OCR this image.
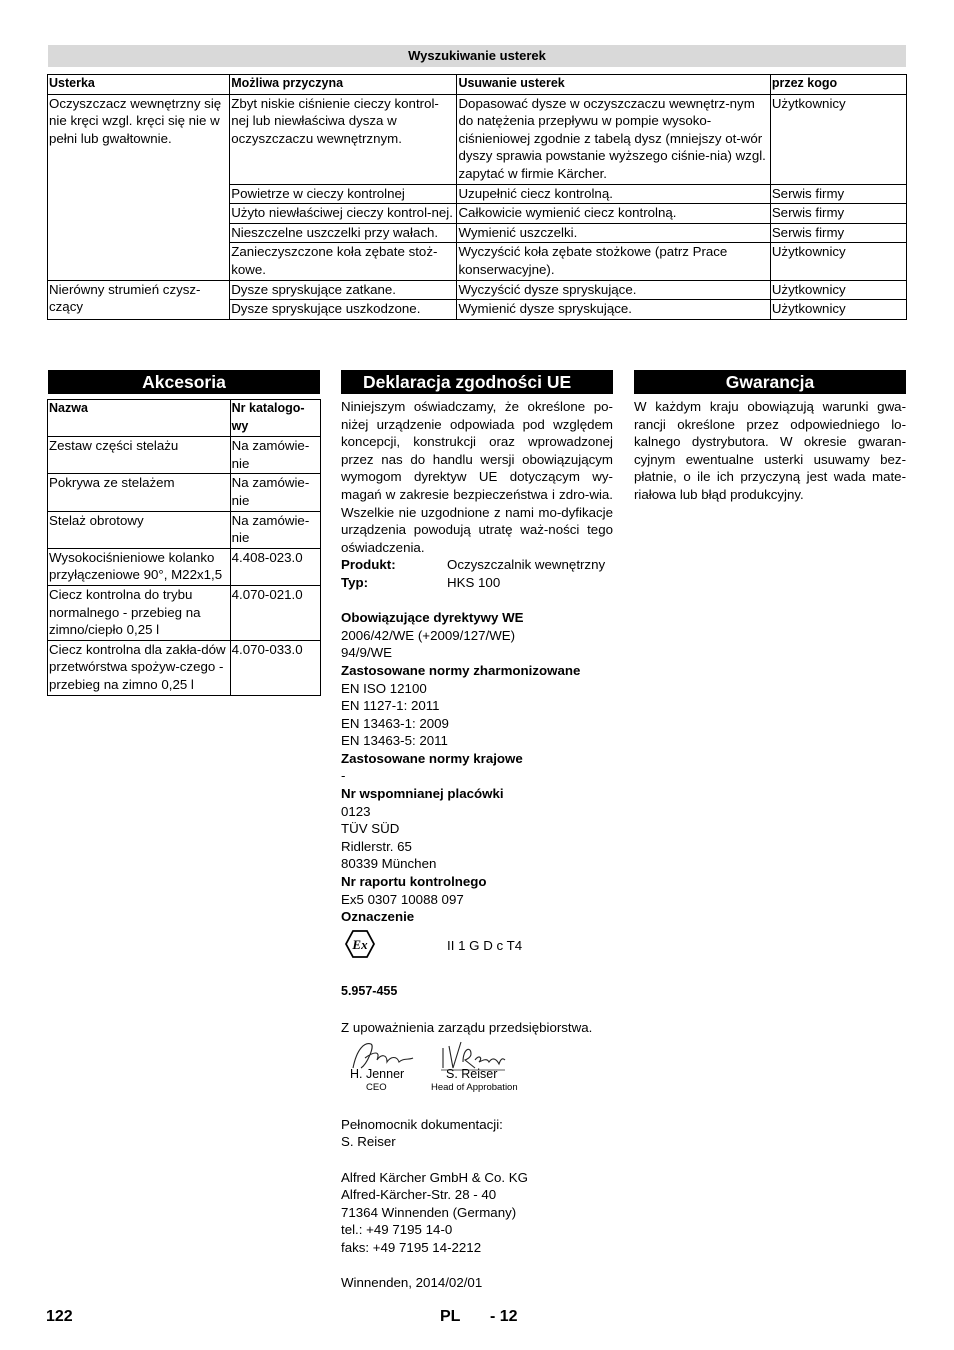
Wyszukiwanie usterek
Usterka	Możliwa przyczyna	Usuwanie usterek	przez kogo
Oczyszczacz wewnętrzny się nie kręci wzgl. kręci się nie w pełni lub gwałtownie.	Zbyt niskie ciśnienie cieczy kontrol-nej lub niewłaściwa dysza w oczyszczaczu wewnętrznym.	Dopasować dysze w oczyszczaczu wewnętrz-nym do natężenia przepływu w pompie wysoko-ciśnieniowej zgodnie z tabelą dysz (mniejszy ot-wór dyszy sprawia powstanie wyższego ciśnie-nia) wzgl. zapytać w firmie Kärcher.	Użytkownicy
	Powietrze w cieczy kontrolnej	Uzupełnić ciecz kontrolną.	Serwis firmy
	Użyto niewłaściwej cieczy kontrol-nej.	Całkowicie wymienić ciecz kontrolną.	Serwis firmy
	Nieszczelne uszczelki przy wałach.	Wymienić uszczelki.	Serwis firmy
	Zanieczyszczone koła zębate stoż-kowe.	Wyczyścić koła zębate stożkowe (patrz Prace konserwacyjne).	Użytkownicy
Nierówny strumień czysz-czący	Dysze spryskujące zatkane.	Wyczyścić dysze spryskujące.	Użytkownicy
	Dysze spryskujące uszkodzone.	Wymienić dysze spryskujące.	Użytkownicy
Akcesoria
Nazwa	Nr katalogo-wy
Zestaw części stelażu	Na zamówie-nie
Pokrywa ze stelażem	Na zamówie-nie
Stelaż obrotowy	Na zamówie-nie
Wysokociśnieniowe kolanko przyłączeniowe 90°, M22x1,5	4.408-023.0
Ciecz kontrolna do trybu normalnego - przebieg na zimno/ciepło 0,25 l	4.070-021.0
Ciecz kontrolna dla zakła-dów przetwórstwa spożyw-czego - przebieg na zimno 0,25 l	4.070-033.0
Deklaracja zgodności UE
Niniejszym oświadczamy, że określone po-niżej urządzenie odpowiada pod względem koncepcji, konstrukcji oraz wprowadzonej przez nas do handlu wersji obowiązującym wymogom dyrektyw UE dotyczącym wy-magań w zakresie bezpieczeństwa i zdro-wia. Wszelkie nie uzgodnione z nami mo-dyfikacje urządzenia powodują utratę waż-ności tego oświadczenia.
Produkt:	Oczyszczalnik wewnętrzny
Typ:	HKS 100
Obowiązujące dyrektywy WE
2006/42/WE (+2009/127/WE)
94/9/WE
Zastosowane normy zharmonizowane
EN ISO 12100
EN 1127-1: 2011
EN 13463-1: 2009
EN 13463-5: 2011
Zastosowane normy krajowe
-
Nr wspomnianej placówki
0123
TÜV SÜD
Ridlerstr. 65
80339 München
Nr raportu kontrolnego
Ex5 0307 10088 097
Oznaczenie
Ex	II 1 G D c T4
5.957-455
Z upoważnienia zarządu przedsiębiorstwa.
H. Jenner
CEO
S. Reiser
Head of Approbation
Pełnomocnik dokumentacji:
S. Reiser
Alfred Kärcher GmbH & Co. KG
Alfred-Kärcher-Str. 28 - 40
71364 Winnenden (Germany)
tel.: +49 7195 14-0
faks: +49 7195 14-2212
Winnenden, 2014/02/01
Gwarancja
W każdym kraju obowiązują warunki gwa-rancji określone przez odpowiedniego lo-kalnego dystrybutora. W okresie gwaran-cyjnym ewentualne usterki usuwamy bez-płatnie, o ile ich przyczyną jest wada mate-riałowa lub błąd produkcyjny.
122	PL - 12
